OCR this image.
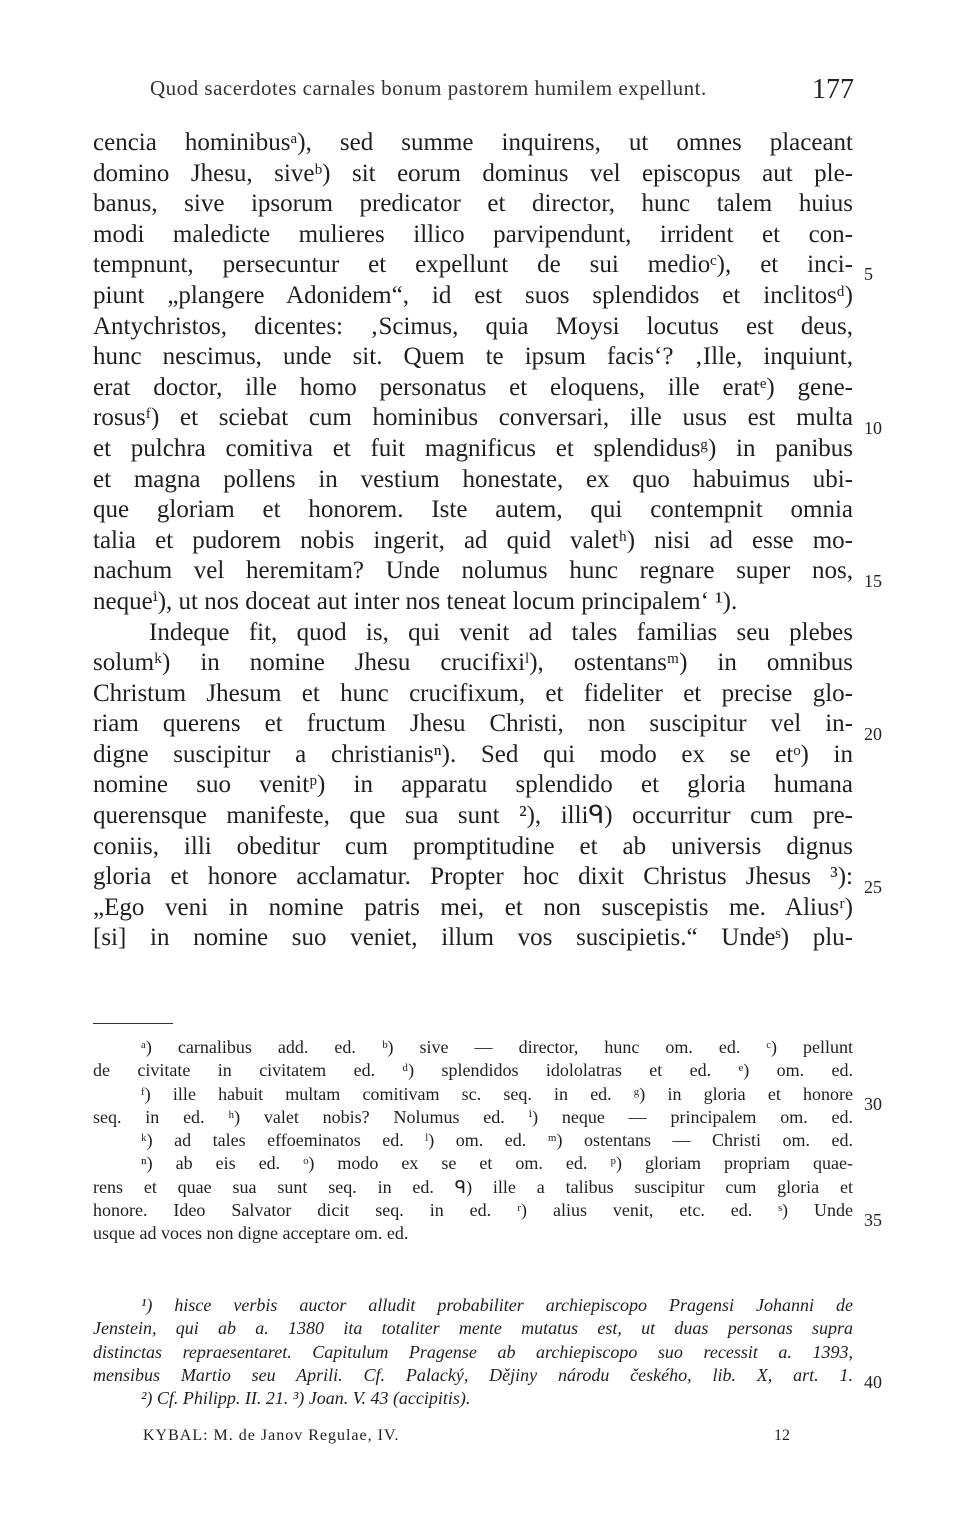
Quod sacerdotes carnales bonum pastorem humilem expellunt.	177
cencia hominibusᵃ), sed summe inquirens, ut omnes placeant
domino Jhesu, siveᵇ) sit eorum dominus vel episcopus aut ple-
banus, sive ipsorum predicator et director, hunc talem huius
modi maledicte mulieres illico parvipendunt, irrident et con-
tempnunt, persecuntur et expellunt de sui medioᶜ), et inci-
piunt „plangere Adonidem“, id est suos splendidos et inclitosᵈ)
Antychristos, dicentes: ‚Scimus, quia Moysi locutus est deus,
hunc nescimus, unde sit. Quem te ipsum facis‘? ‚Ille, inquiunt,
erat doctor, ille homo personatus et eloquens, ille eratᵉ) gene-
rosusᶠ) et sciebat cum hominibus conversari, ille usus est multa
et pulchra comitiva et fuit magnificus et splendidusᵍ) in panibus
et magna pollens in vestium honestate, ex quo habuimus ubi-
que gloriam et honorem. Iste autem, qui contempnit omnia
talia et pudorem nobis ingerit, ad quid valetʰ) nisi ad esse mo-
nachum vel heremitam? Unde nolumus hunc regnare super nos,
nequeⁱ), ut nos doceat aut inter nos teneat locum principalem‘ ¹).
Indeque fit, quod is, qui venit ad tales familias seu plebes
solumᵏ) in nomine Jhesu crucifixiˡ), ostentansᵐ) in omnibus
Christum Jhesum et hunc crucifixum, et fideliter et precise glo-
riam querens et fructum Jhesu Christi, non suscipitur vel in-
digne suscipitur a christianisⁿ). Sed qui modo ex se etᵒ) in
nomine suo venitᵖ) in apparatu splendido et gloria humana
querensque manifeste, que sua sunt ²), illiᑫ) occurritur cum pre-
coniis, illi obeditur cum promptitudine et ab universis dignus
gloria et honore acclamatur. Propter hoc dixit Christus Jhesus ³):
„Ego veni in nomine patris mei, et non suscepistis me. Aliusʳ)
[si] in nomine suo veniet, illum vos suscipietis.“ Undeˢ) plu-
5
10
15
20
25
ᵃ) carnalibus add. ed. ᵇ) sive — director, hunc om. ed. ᶜ) pellunt
de civitate in civitatem ed. ᵈ) splendidos idololatras et ed. ᵉ) om. ed.
ᶠ) ille habuit multam comitivam sc. seq. in ed. ᵍ) in gloria et honore
seq. in ed. ʰ) valet nobis? Nolumus ed. ⁱ) neque — principalem om. ed.
ᵏ) ad tales effoeminatos ed. ˡ) om. ed. ᵐ) ostentans — Christi om. ed.
ⁿ) ab eis ed. ᵒ) modo ex se et om. ed. ᵖ) gloriam propriam quae-
rens et quae sua sunt seq. in ed. ᑫ) ille a talibus suscipitur cum gloria et
honore. Ideo Salvator dicit seq. in ed. ʳ) alius venit, etc. ed. ˢ) Unde
usque ad voces non digne acceptare om. ed.
30
35
¹) hisce verbis auctor alludit probabiliter archiepiscopo Pragensi Johanni de
Jenstein, qui ab a. 1380 ita totaliter mente mutatus est, ut duas personas supra
distinctas repraesentaret. Capitulum Pragense ab archiepiscopo suo recessit a. 1393,
mensibus Martio seu Aprili. Cf. Palacký, Dějiny národu českého, lib. X, art. 1.
²) Cf. Philipp. II. 21. ³) Joan. V. 43 (accipitis).
40
KYBAL: M. de Janov Regulae, IV.	12
